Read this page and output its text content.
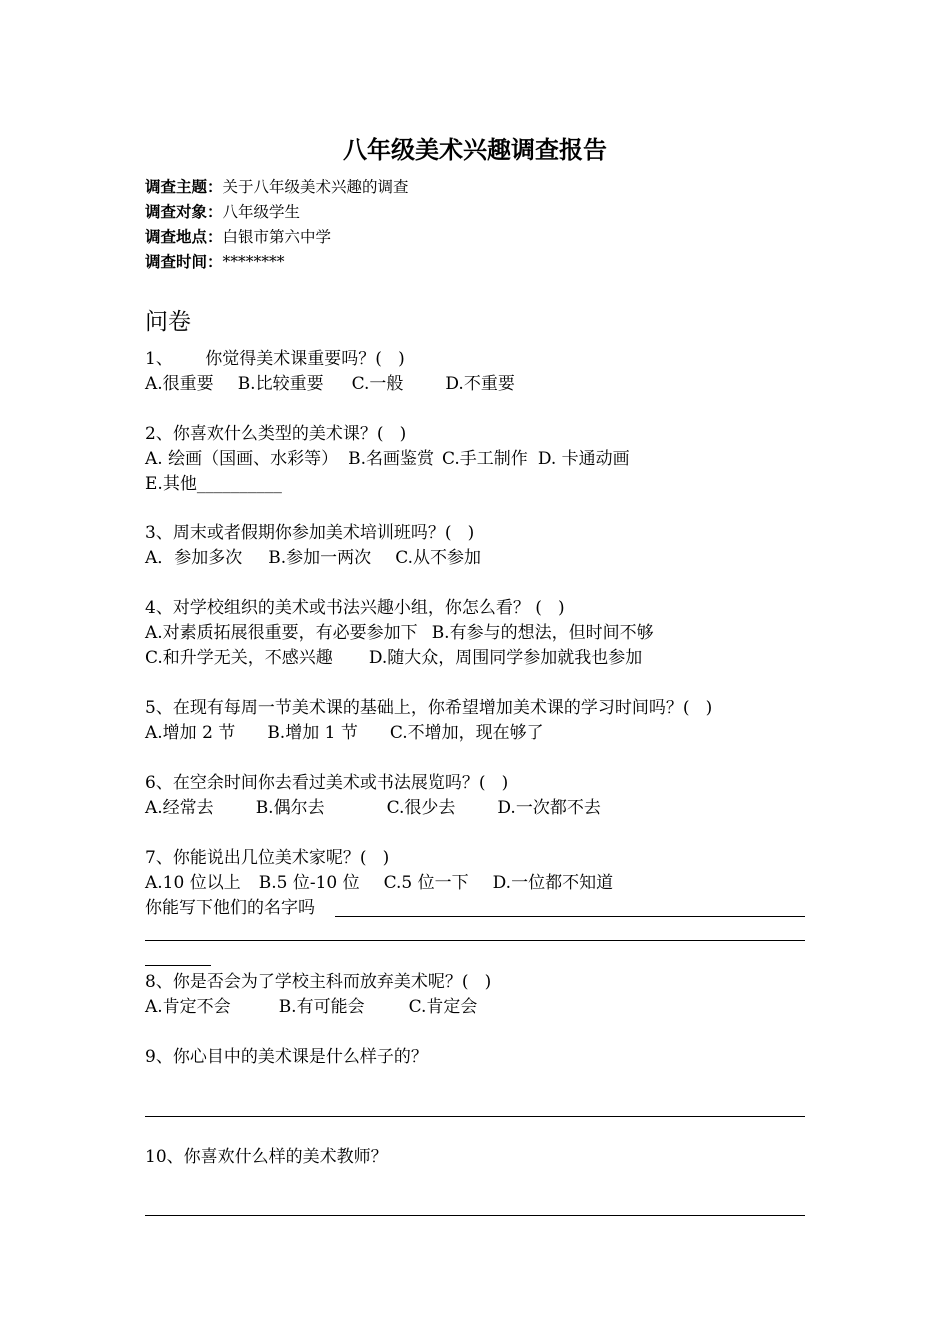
八年级美术兴趣调查报告
调查主题：关于八年级美术兴趣的调查
调查对象：八年级学生
调查地点：白银市第六中学
调查时间：********
问卷
1、      你觉得美术课重要吗？(   )
A.很重要 B.比较重要 C.一般 D.不重要
2、你喜欢什么类型的美术课？(   )
A. 绘画（国画、水彩等） B.名画鉴赏 C.手工制作 D. 卡通动画
E.其他__________
3、周末或者假期你参加美术培训班吗？(   )
A．参加多次 B.参加一两次 C.从不参加
4、对学校组织的美术或书法兴趣小组，你怎么看？ (   )
A.对素质拓展很重要，有必要参加下 B.有参与的想法，但时间不够
C.和升学无关，不感兴趣 D.随大众，周围同学参加就我也参加
5、在现有每周一节美术课的基础上，你希望增加美术课的学习时间吗？(   )
A.增加 2 节 B.增加 1 节 C.不增加，现在够了
6、在空余时间你去看过美术或书法展览吗？(   )
A.经常去 B.偶尔去	C.很少去 D.一次都不去
7、你能说出几位美术家呢？(   )
A.10 位以上 B.5 位-10 位 C.5 位一下 D.一位都不知道
你能写下他们的名字吗
8、你是否会为了学校主科而放弃美术呢？(   )
A.肯定不会	B.有可能会	C.肯定会
9、你心目中的美术课是什么样子的？
10、你喜欢什么样的美术教师？
